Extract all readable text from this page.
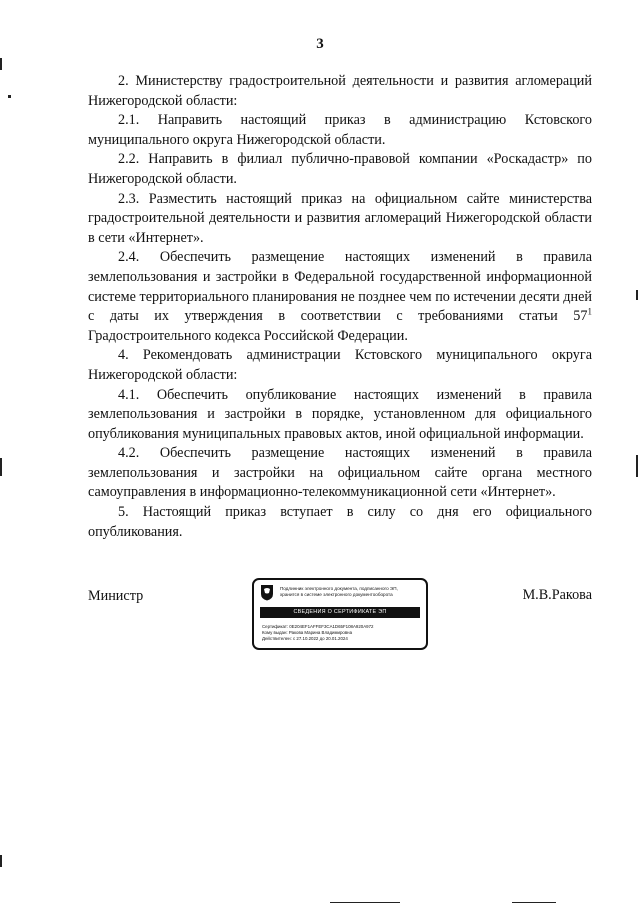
3

2. Министерству градостроительной деятельности и развития агломераций Нижегородской области:

2.1. Направить настоящий приказ в администрацию Кстовского муниципального округа Нижегородской области.

2.2. Направить в филиал публично-правовой компании «Роскадастр» по Нижегородской области.

2.3. Разместить настоящий приказ на официальном сайте министерства градостроительной деятельности и развития агломераций Нижегородской области в сети «Интернет».

2.4. Обеспечить размещение настоящих изменений в правила землепользования и застройки в Федеральной государственной информационной системе территориального планирования не позднее чем по истечении десяти дней с даты их утверждения в соответствии с требованиями статьи $57^1$ Градостроительного кодекса Российской Федерации.

4. Рекомендовать администрации Кстовского муниципального округа Нижегородской области:

4.1. Обеспечить опубликование настоящих изменений в правила землепользования и застройки в порядке, установленном для официального опубликования муниципальных правовых актов, иной официальной информации.

4.2. Обеспечить размещение настоящих изменений в правила землепользования и застройки на официальном сайте органа местного самоуправления в информационно-телекоммуникационной сети «Интернет».

5. Настоящий приказ вступает в силу со дня его официального опубликования.

Министр	Подлинник электронного документа, подписанного ЭП,
хранится в системе электронного документооборота
СВЕДЕНИЯ О СЕРТИФИКАТЕ ЭП
Сертификат: 0E204EF1AFFEF3CA1D65F108A920A972
Кому выдан: Ракова Марина Владимировна
Действителен: с 27.10.2022 до 20.01.2024
М.В.Ракова
